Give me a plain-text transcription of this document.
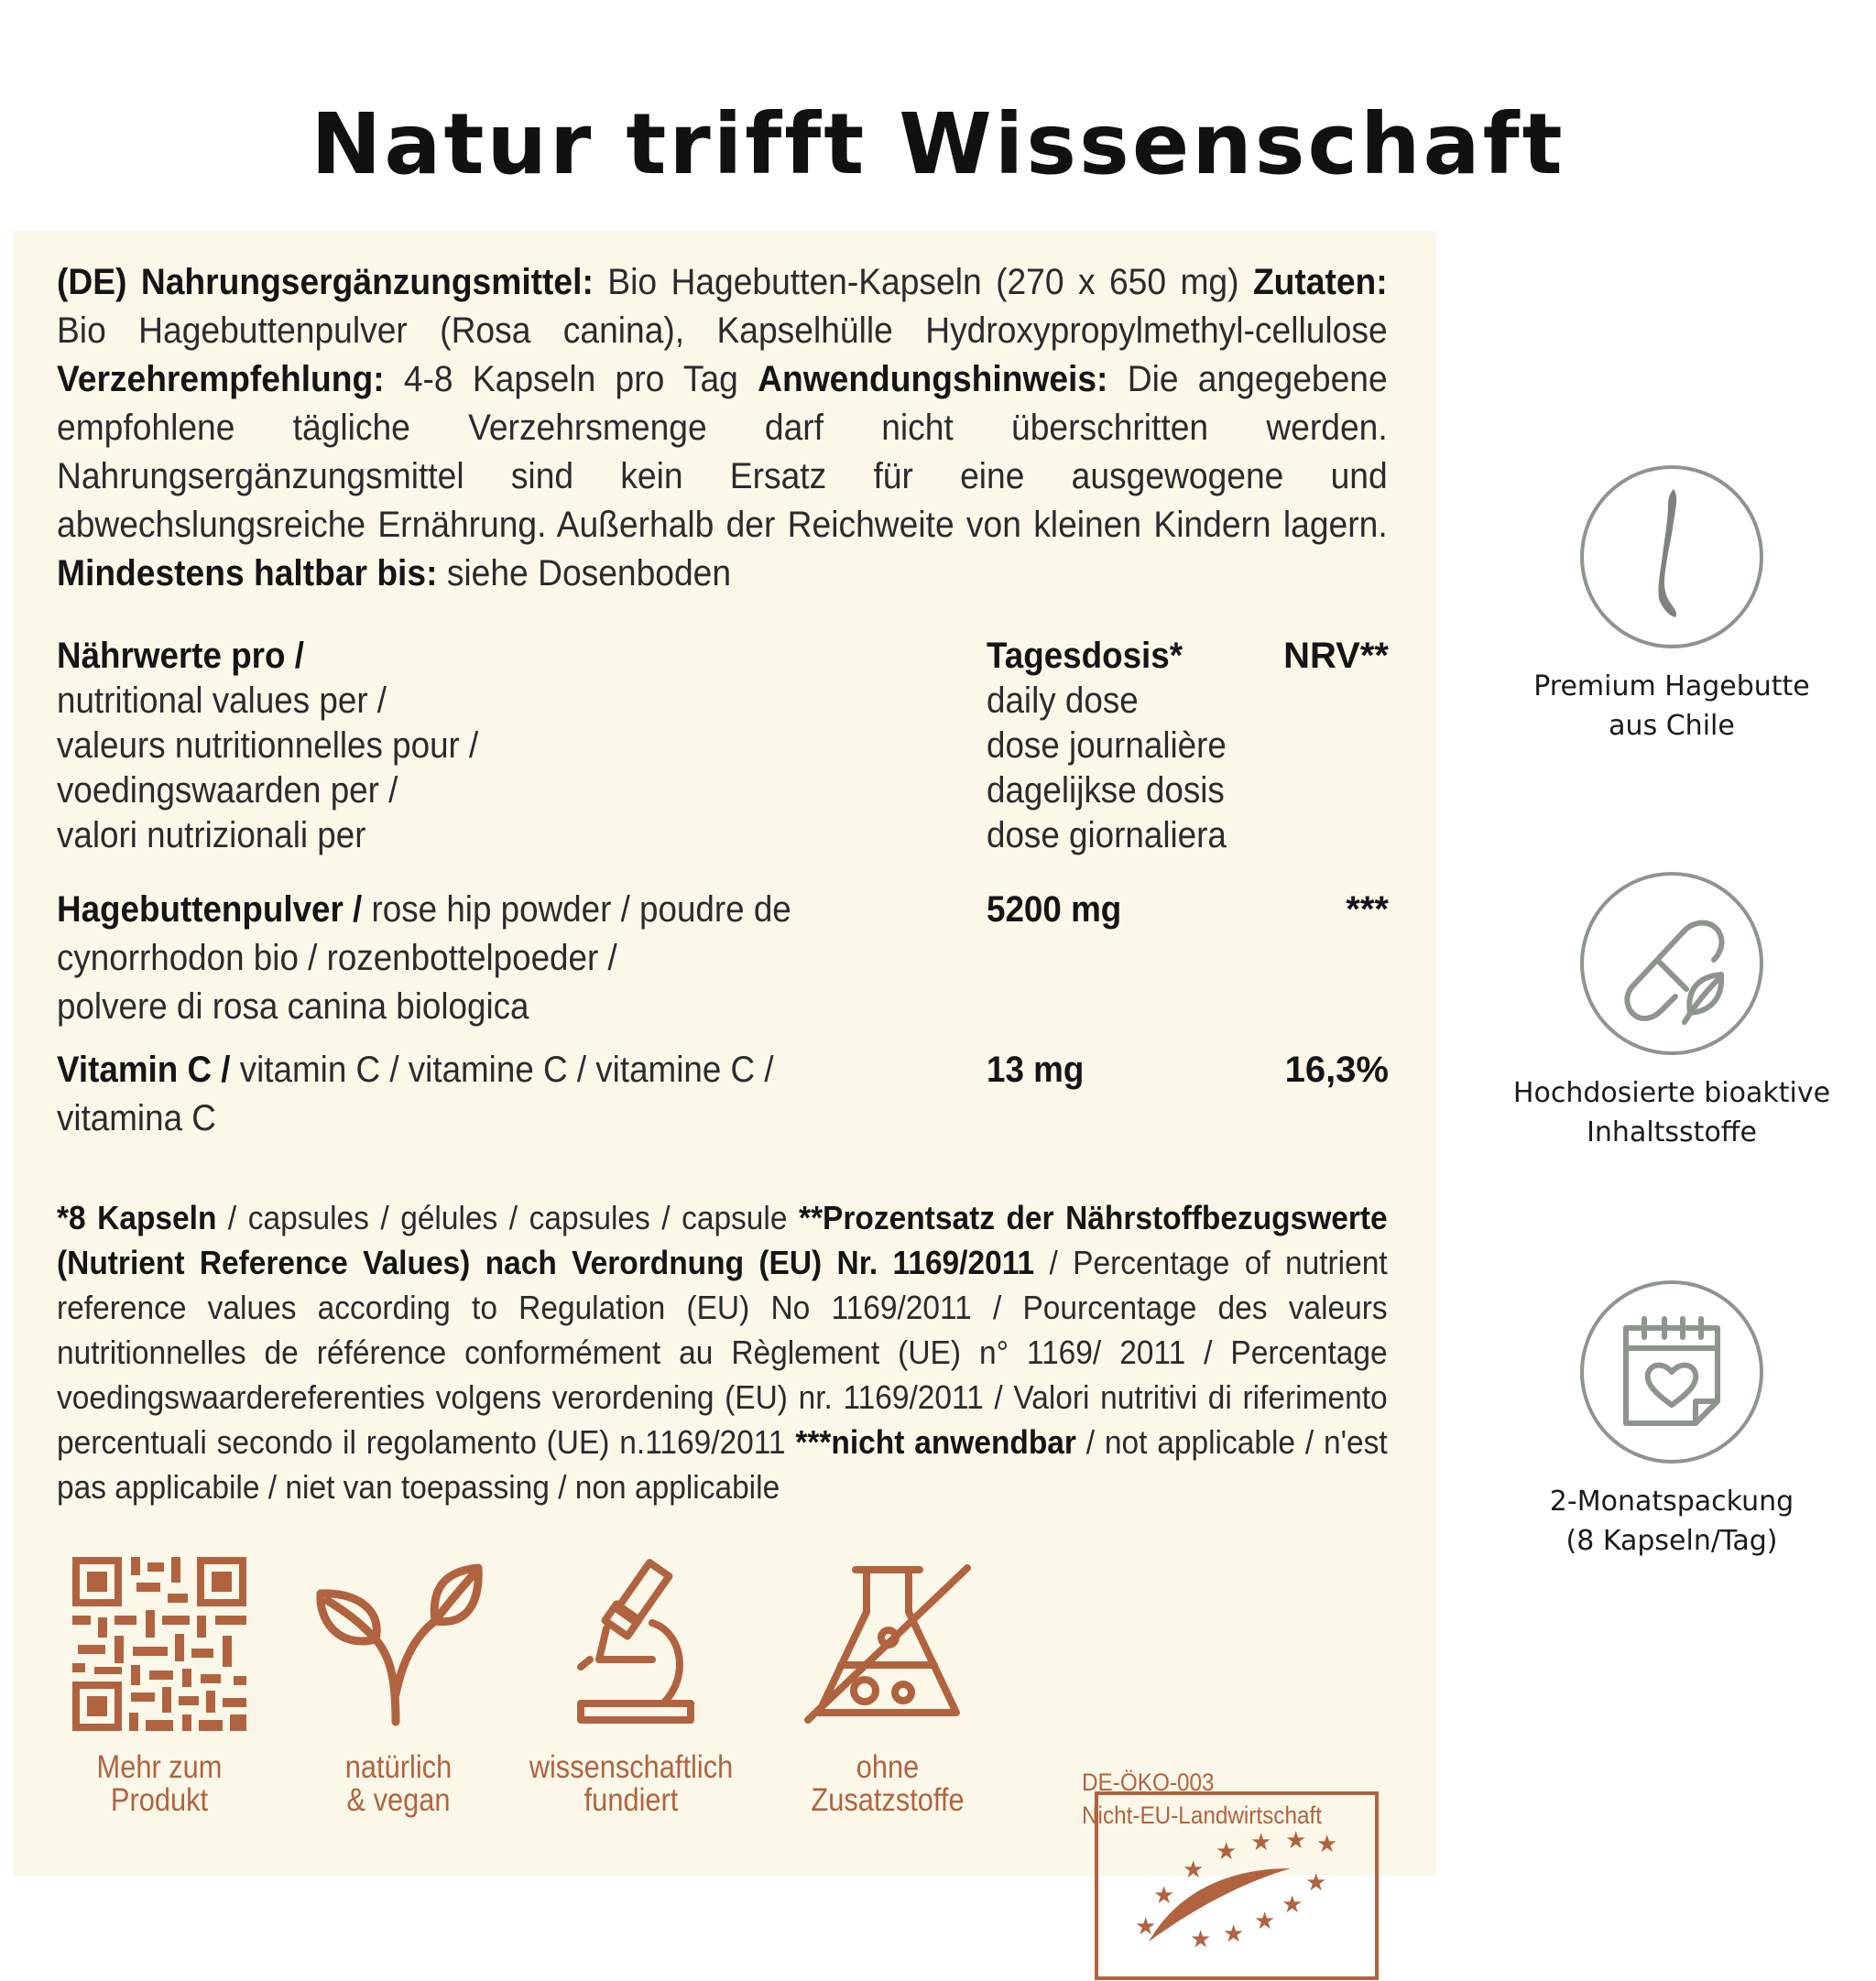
Natur trifft Wissenschaft
(DE) Nahrungsergänzungsmittel: Bio Hagebutten-Kapseln (270 x 650 mg) Zutaten: Bio Hagebuttenpulver (Rosa canina), Kapselhülle Hydroxypropylmethyl-cellulose Verzehrempfehlung: 4-8 Kapseln pro Tag Anwendungshinweis: Die angegebene empfohlene tägliche Verzehrsmenge darf nicht überschritten werden. Nahrungsergänzungsmittel sind kein Ersatz für eine ausgewogene und abwechslungsreiche Ernährung. Außerhalb der Reichweite von kleinen Kindern lagern. Mindestens haltbar bis: siehe Dosenboden
Nährwerte pro /
nutritional values per /
valeurs nutritionnelles pour /
voedingswaarden per /
valori nutrizionali per
Tagesdosis*
daily dose
dose journalière
dagelijkse dosis
dose giornaliera
NRV**
Hagebuttenpulver / rose hip powder / poudre de
cynorrhodon bio / rozenbottelpoeder /
polvere di rosa canina biologica
5200 mg	***
Vitamin C / vitamin C / vitamine C / vitamine C /
vitamina C
13 mg	16,3%
*8 Kapseln / capsules / gélules / capsules / capsule **Prozentsatz der Nährstoffbezugswerte (Nutrient Reference Values) nach Verordnung (EU) Nr. 1169/2011 / Percentage of nutrient reference values according to Regulation (EU) No 1169/2011 / Pourcentage des valeurs nutritionnelles de référence conformément au Règlement (UE) n° 1169/ 2011 / Percentage voedingswaardereferenties volgens verordening (EU) nr. 1169/2011 / Valori nutritivi di riferimento percentuali secondo il regolamento (UE) n.1169/2011 ***nicht anwendbar / not applicable / n'est pas applicabile / niet van toepassing / non applicabile
Mehr zum
Produkt
natürlich
& vegan
wissenschaftlich
fundiert
ohne
Zusatzstoffe
★
★
★
★ ★ ★ ★
★
★
★
★
★
DE-ÖKO-003
Nicht-EU-Landwirtschaft
Premium Hagebutte
aus Chile
Hochdosierte bioaktive
Inhaltsstoffe
2-Monatspackung
(8 Kapseln/Tag)
